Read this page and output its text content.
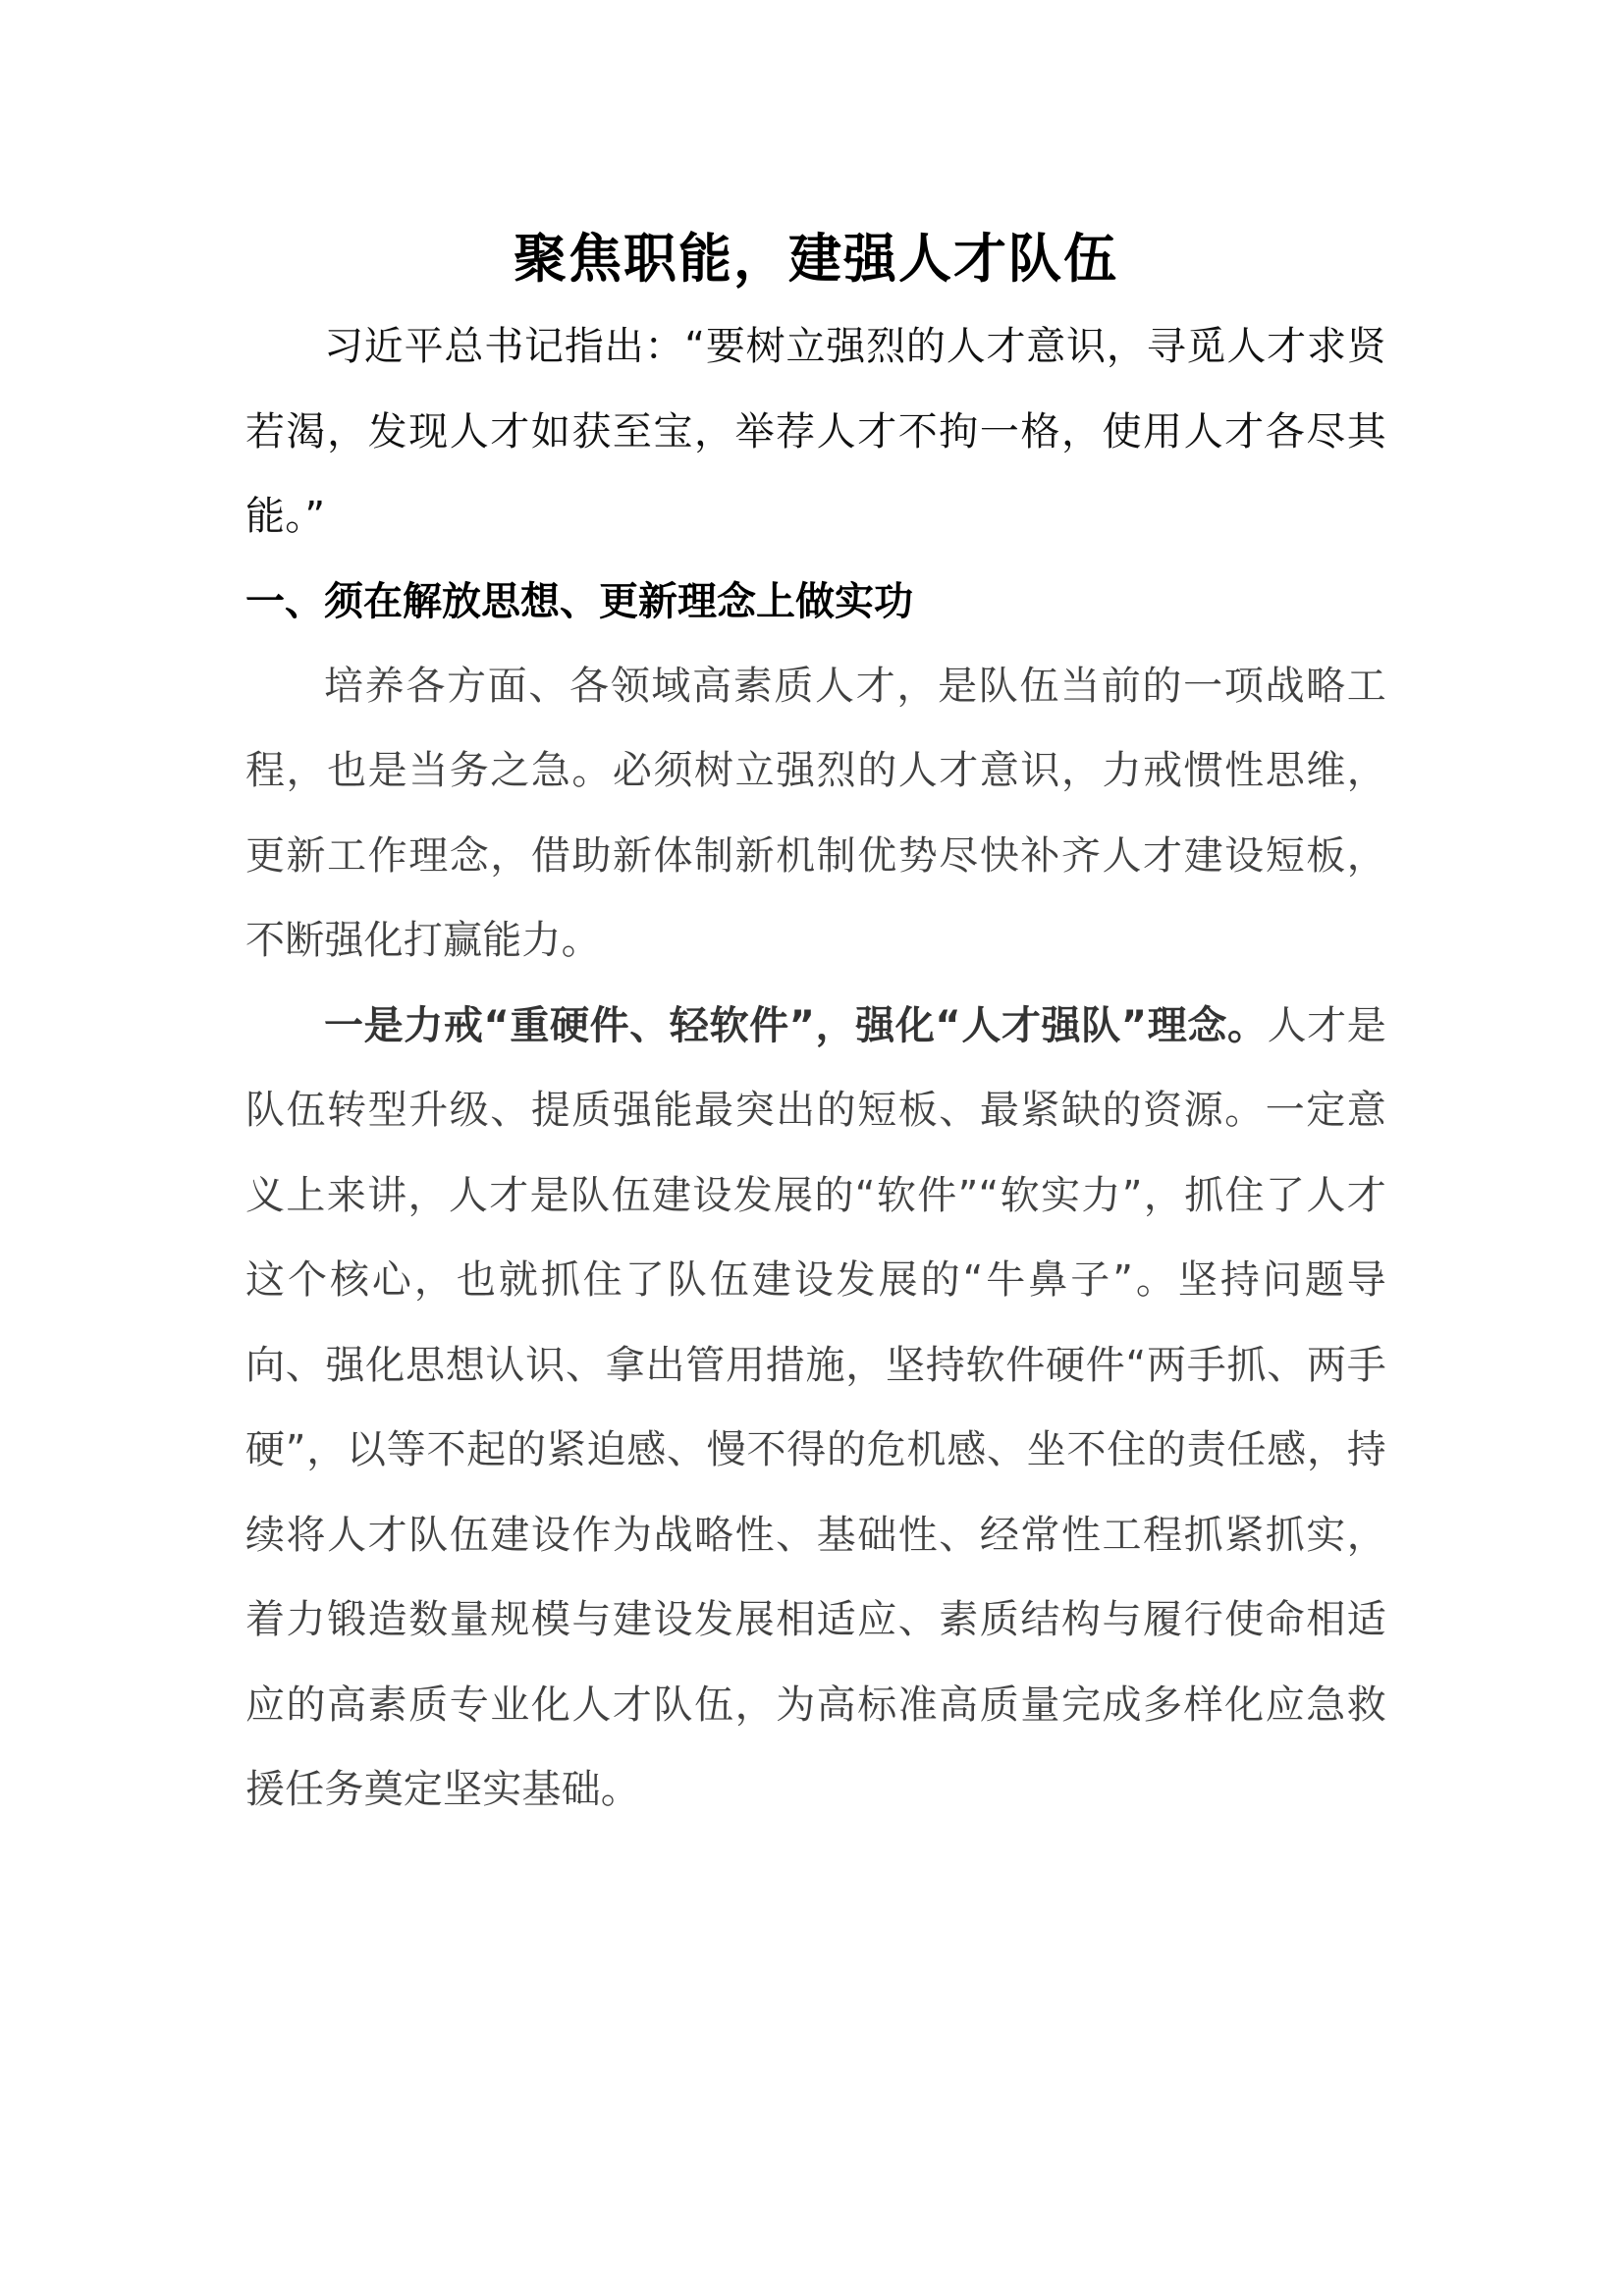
聚焦职能，建强人才队伍

习近平总书记指出：“要树立强烈的人才意识，寻觅人才求贤若渴，发现人才如获至宝，举荐人才不拘一格，使用人才各尽其能。”

一、须在解放思想、更新理念上做实功

培养各方面、各领域高素质人才，是队伍当前的一项战略工程，也是当务之急。必须树立强烈的人才意识，力戒惯性思维，更新工作理念，借助新体制新机制优势尽快补齐人才建设短板，不断强化打赢能力。

一是力戒“重硬件、轻软件”，强化“人才强队”理念。人才是队伍转型升级、提质强能最突出的短板、最紧缺的资源。一定意义上来讲，人才是队伍建设发展的“软件”“软实力”，抓住了人才这个核心，也就抓住了队伍建设发展的“牛鼻子”。坚持问题导向、强化思想认识、拿出管用措施，坚持软件硬件“两手抓、两手硬”，以等不起的紧迫感、慢不得的危机感、坐不住的责任感，持续将人才队伍建设作为战略性、基础性、经常性工程抓紧抓实，着力锻造数量规模与建设发展相适应、素质结构与履行使命相适应的高素质专业化人才队伍，为高标准高质量完成多样化应急救援任务奠定坚实基础。
